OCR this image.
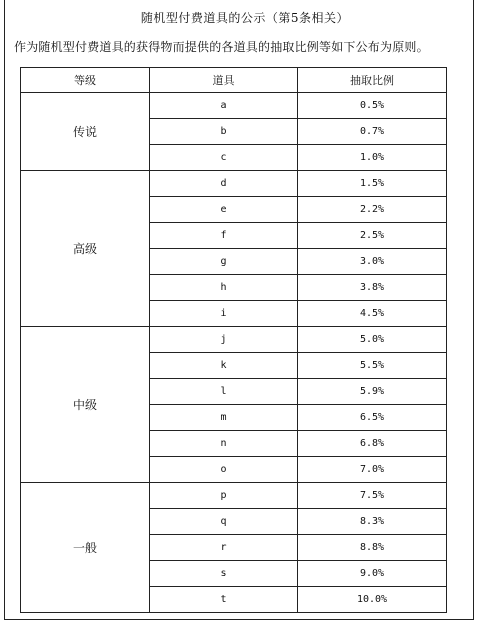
随机型付费道具的公示（第5条相关）
作为随机型付费道具的获得物而提供的各道具的抽取比例等如下公布为原则。
等级	道具	抽取比例
传说	a	0.5%
	b	0.7%
	c	1.0%
高级	d	1.5%
	e	2.2%
	f	2.5%
	g	3.0%
	h	3.8%
	i	4.5%
中级	j	5.0%
	k	5.5%
	l	5.9%
	m	6.5%
	n	6.8%
	o	7.0%
一般	p	7.5%
	q	8.3%
	r	8.8%
	s	9.0%
	t	10.0%
